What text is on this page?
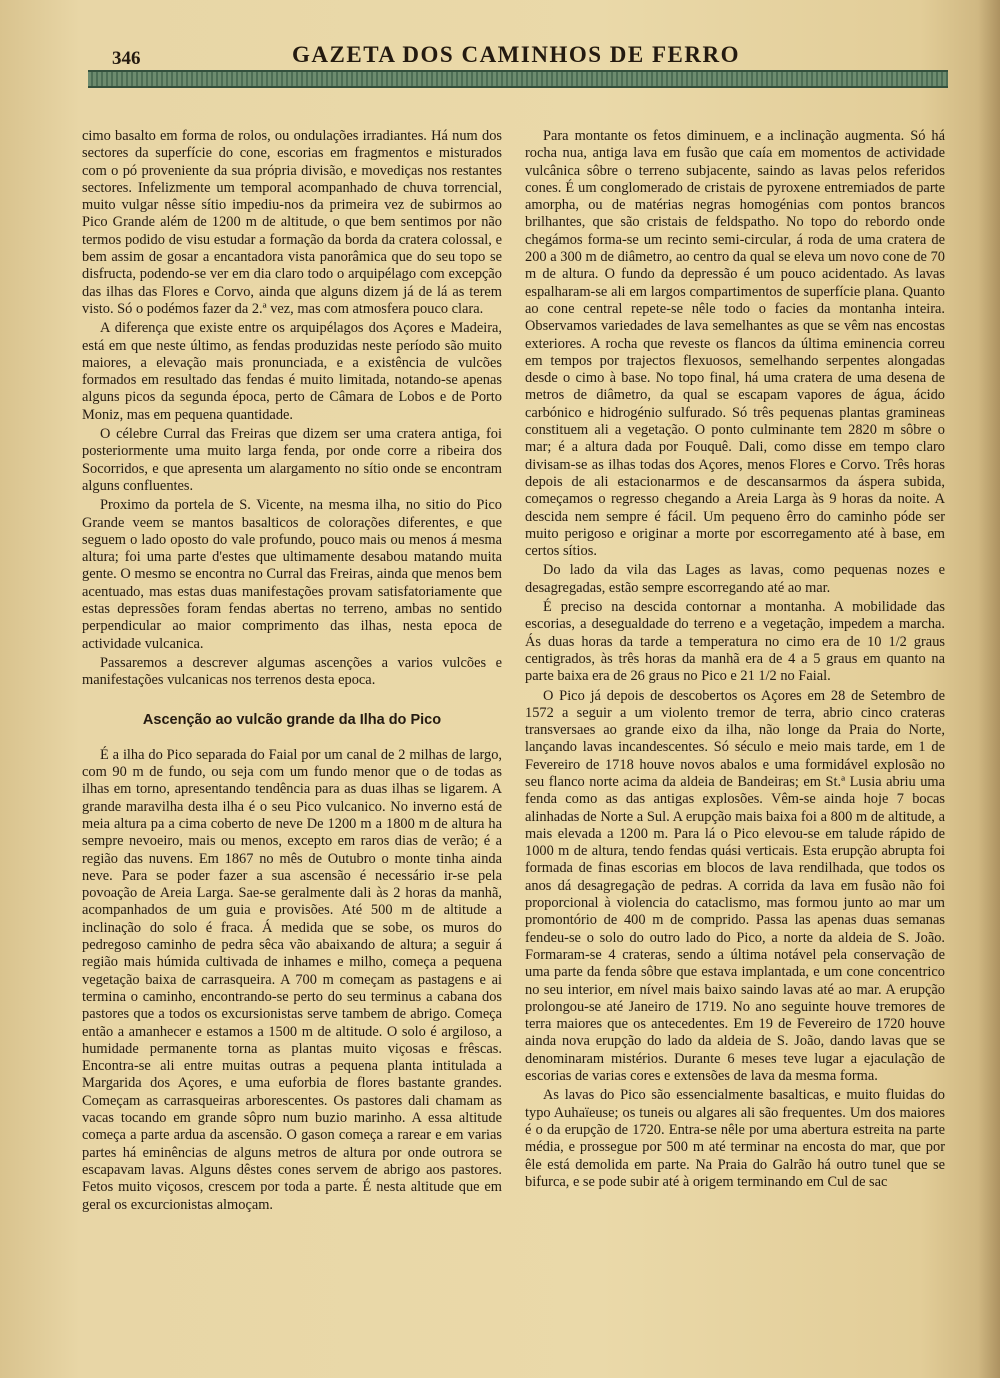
346	GAZETA DOS CAMINHOS DE FERRO

cimo basalto em forma de rolos, ou ondulações irradiantes. Há num dos sectores da superfície do cone, escorias em fragmentos e misturados com o pó proveniente da sua própria divisão, e movediças nos restantes sectores. Infelizmente um temporal acompanhado de chuva torrencial, muito vulgar nêsse sítio impediu-nos da primeira vez de subirmos ao Pico Grande além de 1200 m de altitude, o que bem sentimos por não termos podido de visu estudar a formação da borda da cratera colossal, e bem assim de gosar a encantadora vista panorâmica que do seu topo se disfructa, podendo-se ver em dia claro todo o arquipélago com excepção das ilhas das Flores e Corvo, ainda que alguns dizem já de lá as terem visto. Só o podémos fazer da 2.ª vez, mas com atmosfera pouco clara.

A diferença que existe entre os arquipélagos dos Açores e Madeira, está em que neste último, as fendas produzidas neste período são muito maiores, a elevação mais pronunciada, e a existência de vulcões formados em resultado das fendas é muito limitada, notando-se apenas alguns picos da segunda época, perto de Câmara de Lobos e de Porto Moniz, mas em pequena quantidade.

O célebre Curral das Freiras que dizem ser uma cratera antiga, foi posteriormente uma muito larga fenda, por onde corre a ribeira dos Socorridos, e que apresenta um alargamento no sítio onde se encontram alguns confluentes.

Proximo da portela de S. Vicente, na mesma ilha, no sitio do Pico Grande veem se mantos basalticos de colorações diferentes, e que seguem o lado oposto do vale profundo, pouco mais ou menos á mesma altura; foi uma parte d'estes que ultimamente desabou matando muita gente. O mesmo se encontra no Curral das Freiras, ainda que menos bem acentuado, mas estas duas manifestações provam satisfatoriamente que estas depressões foram fendas abertas no terreno, ambas no sentido perpendicular ao maior comprimento das ilhas, nesta epoca de actividade vulcanica.

Passaremos a descrever algumas ascenções a varios vulcões e manifestações vulcanicas nos terrenos desta epoca.

Ascenção ao vulcão grande da Ilha do Pico

É a ilha do Pico separada do Faial por um canal de 2 milhas de largo, com 90 m de fundo, ou seja com um fundo menor que o de todas as ilhas em torno, apresentando tendência para as duas ilhas se ligarem. A grande maravilha desta ilha é o seu Pico vulcanico. No inverno está de meia altura pa a cima coberto de neve De 1200 m a 1800 m de altura ha sempre nevoeiro, mais ou menos, excepto em raros dias de verão; é a região das nuvens. Em 1867 no mês de Outubro o monte tinha ainda neve. Para se poder fazer a sua ascensão é necessário ir-se pela povoação de Areia Larga. Sae-se geralmente dali às 2 horas da manhã, acompanhados de um guia e provisões. Até 500 m de altitude a inclinação do solo é fraca. Á medida que se sobe, os muros do pedregoso caminho de pedra sêca vão abaixando de altura; a seguir á região mais húmida cultivada de inhames e milho, começa a pequena vegetação baixa de carrasqueira. A 700 m começam as pastagens e ai termina o caminho, encontrando-se perto do seu terminus a cabana dos pastores que a todos os excursionistas serve tambem de abrigo. Começa então a amanhecer e estamos a 1500 m de altitude. O solo é argiloso, a humidade permanente torna as plantas muito viçosas e frêscas. Encontra-se ali entre muitas outras a pequena planta intitulada a Margarida dos Açores, e uma euforbia de flores bastante grandes. Começam as carrasqueiras arborescentes. Os pastores dali chamam as vacas tocando em grande sôpro num buzio marinho. A essa altitude começa a parte ardua da ascensão. O gason começa a rarear e em varias partes há eminências de alguns metros de altura por onde outrora se escapavam lavas. Alguns dêstes cones servem de abrigo aos pastores. Fetos muito viçosos, crescem por toda a parte. É nesta altitude que em geral os excurcionistas almoçam.

Para montante os fetos diminuem, e a inclinação augmenta. Só há rocha nua, antiga lava em fusão que caía em momentos de actividade vulcânica sôbre o terreno subjacente, saindo as lavas pelos referidos cones. É um conglomerado de cristais de pyroxene entremiados de parte amorpha, ou de matérias negras homogénias com pontos brancos brilhantes, que são cristais de feldspatho. No topo do rebordo onde chegámos forma-se um recinto semi-circular, á roda de uma cratera de 200 a 300 m de diâmetro, ao centro da qual se eleva um novo cone de 70 m de altura. O fundo da depressão é um pouco acidentado. As lavas espalharam-se ali em largos compartimentos de superfície plana. Quanto ao cone central repete-se nêle todo o facies da montanha inteira. Observamos variedades de lava semelhantes as que se vêm nas encostas exteriores. A rocha que reveste os flancos da última eminencia correu em tempos por trajectos flexuosos, semelhando serpentes alongadas desde o cimo à base. No topo final, há uma cratera de uma desena de metros de diâmetro, da qual se escapam vapores de água, ácido carbónico e hidrogénio sulfurado. Só três pequenas plantas gramineas constituem ali a vegetação. O ponto culminante tem 2820 m sôbre o mar; é a altura dada por Fouquê. Dali, como disse em tempo claro divisam-se as ilhas todas dos Açores, menos Flores e Corvo. Três horas depois de ali estacionarmos e de descansarmos da áspera subida, começamos o regresso chegando a Areia Larga às 9 horas da noite. A descida nem sempre é fácil. Um pequeno êrro do caminho póde ser muito perigoso e originar a morte por escorregamento até à base, em certos sítios.

Do lado da vila das Lages as lavas, como pequenas nozes e desagregadas, estão sempre escorregando até ao mar.

É preciso na descida contornar a montanha. A mobilidade das escorias, a desegualdade do terreno e a vegetação, impedem a marcha. Ás duas horas da tarde a temperatura no cimo era de 10 1/2 graus centigrados, às três horas da manhã era de 4 a 5 graus em quanto na parte baixa era de 26 graus no Pico e 21 1/2 no Faial.

O Pico já depois de descobertos os Açores em 28 de Setembro de 1572 a seguir a um violento tremor de terra, abrio cinco crateras transversaes ao grande eixo da ilha, não longe da Praia do Norte, lançando lavas incandescentes. Só século e meio mais tarde, em 1 de Fevereiro de 1718 houve novos abalos e uma formidável explosão no seu flanco norte acima da aldeia de Bandeiras; em St.ª Lusia abriu uma fenda como as das antigas explosões. Vêm-se ainda hoje 7 bocas alinhadas de Norte a Sul. A erupção mais baixa foi a 800 m de altitude, a mais elevada a 1200 m. Para lá o Pico elevou-se em talude rápido de 1000 m de altura, tendo fendas quási verticais. Esta erupção abrupta foi formada de finas escorias em blocos de lava rendilhada, que todos os anos dá desagregação de pedras. A corrida da lava em fusão não foi proporcional à violencia do cataclismo, mas formou junto ao mar um promontório de 400 m de comprido. Passa las apenas duas semanas fendeu-se o solo do outro lado do Pico, a norte da aldeia de S. João. Formaram-se 4 crateras, sendo a última notável pela conservação de uma parte da fenda sôbre que estava implantada, e um cone concentrico no seu interior, em nível mais baixo saindo lavas até ao mar. A erupção prolongou-se até Janeiro de 1719. No ano seguinte houve tremores de terra maiores que os antecedentes. Em 19 de Fevereiro de 1720 houve ainda nova erupção do lado da aldeia de S. João, dando lavas que se denominaram mistérios. Durante 6 meses teve lugar a ejaculação de escorias de varias cores e extensões de lava da mesma forma.

As lavas do Pico são essencialmente basalticas, e muito fluidas do typo Auhaïeuse; os tuneis ou algares ali são frequentes. Um dos maiores é o da erupção de 1720. Entra-se nêle por uma abertura estreita na parte média, e prossegue por 500 m até terminar na encosta do mar, que por êle está demolida em parte. Na Praia do Galrão há outro tunel que se bifurca, e se pode subir até à origem terminando em Cul de sac
